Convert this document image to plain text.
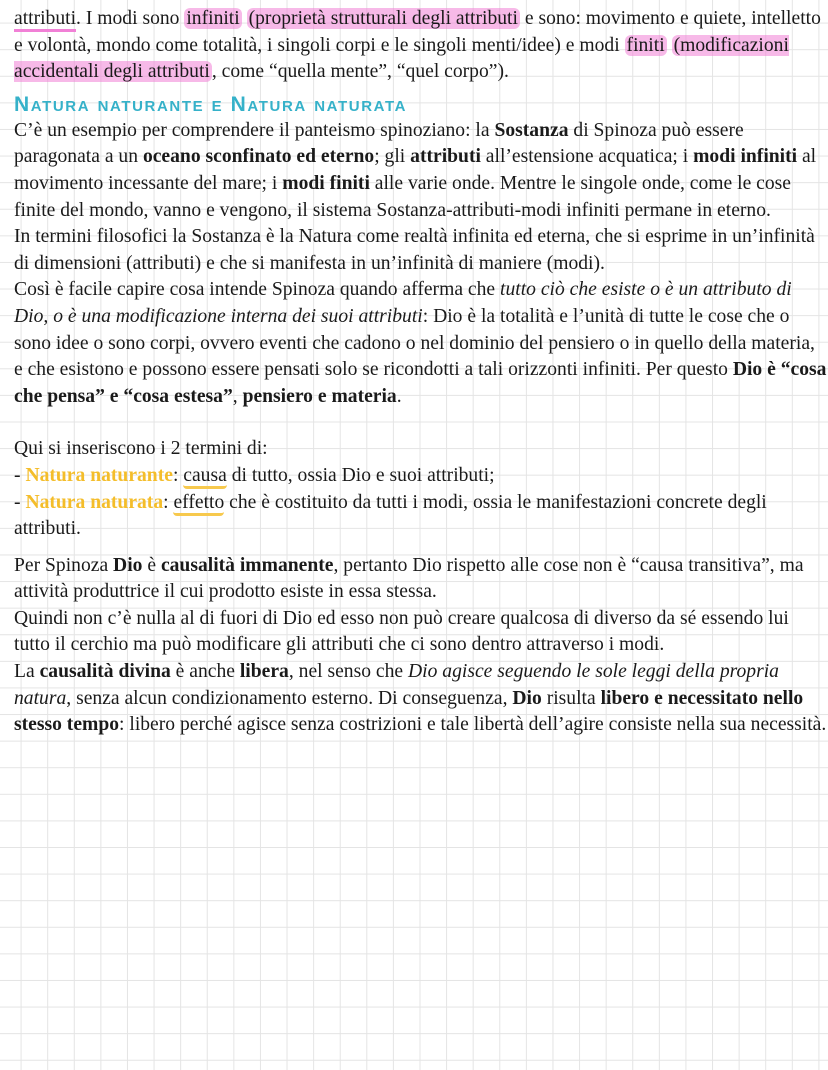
attributi. I modi sono infiniti (proprietà strutturali degli attributi e sono: movimento e quiete, intelletto e volontà, mondo come totalità, i singoli corpi e le singoli menti/idee) e modi finiti (modificazioni accidentali degli attributi , come “quella mente”, “quel corpo”).

Natura naturante e Natura naturata

C’è un esempio per comprendere il panteismo spinoziano: la Sostanza di Spinoza può essere paragonata a un oceano sconfinato ed eterno; gli attributi all’estensione acquatica; i modi infiniti al movimento incessante del mare; i modi finiti alle varie onde. Mentre le singole onde, come le cose finite del mondo, vanno e vengono, il sistema Sostanza-attributi-modi infiniti permane in eterno.

In termini filosofici la Sostanza è la Natura come realtà infinita ed eterna, che si esprime in un’infinità di dimensioni (attributi) e che si manifesta in un’infinità di maniere (modi).

Così è facile capire cosa intende Spinoza quando afferma che tutto ciò che esiste o è un attributo di Dio, o è una modificazione interna dei suoi attributi: Dio è la totalità e l’unità di tutte le cose che o sono idee o sono corpi, ovvero eventi che cadono o nel dominio del pensiero o in quello della materia, e che esistono e possono essere pensati solo se ricondotti a tali orizzonti infiniti. Per questo Dio è “cosa che pensa” e “cosa estesa”, pensiero e materia.

Qui si inseriscono i 2 termini di:

- Natura naturante: causa di tutto, ossia Dio e suoi attributi;

- Natura naturata: effetto che è costituito da tutti i modi, ossia le manifestazioni concrete degli attributi.

Per Spinoza Dio è causalità immanente, pertanto Dio rispetto alle cose non è “causa transitiva”, ma attività produttrice il cui prodotto esiste in essa stessa.

Quindi non c’è nulla al di fuori di Dio ed esso non può creare qualcosa di diverso da sé essendo lui tutto il cerchio ma può modificare gli attributi che ci sono dentro attraverso i modi.

La causalità divina è anche libera, nel senso che Dio agisce seguendo le sole leggi della propria natura, senza alcun condizionamento esterno. Di conseguenza, Dio risulta libero e necessitato nello stesso tempo: libero perché agisce senza costrizioni e tale libertà dell’agire consiste nella sua necessità.
